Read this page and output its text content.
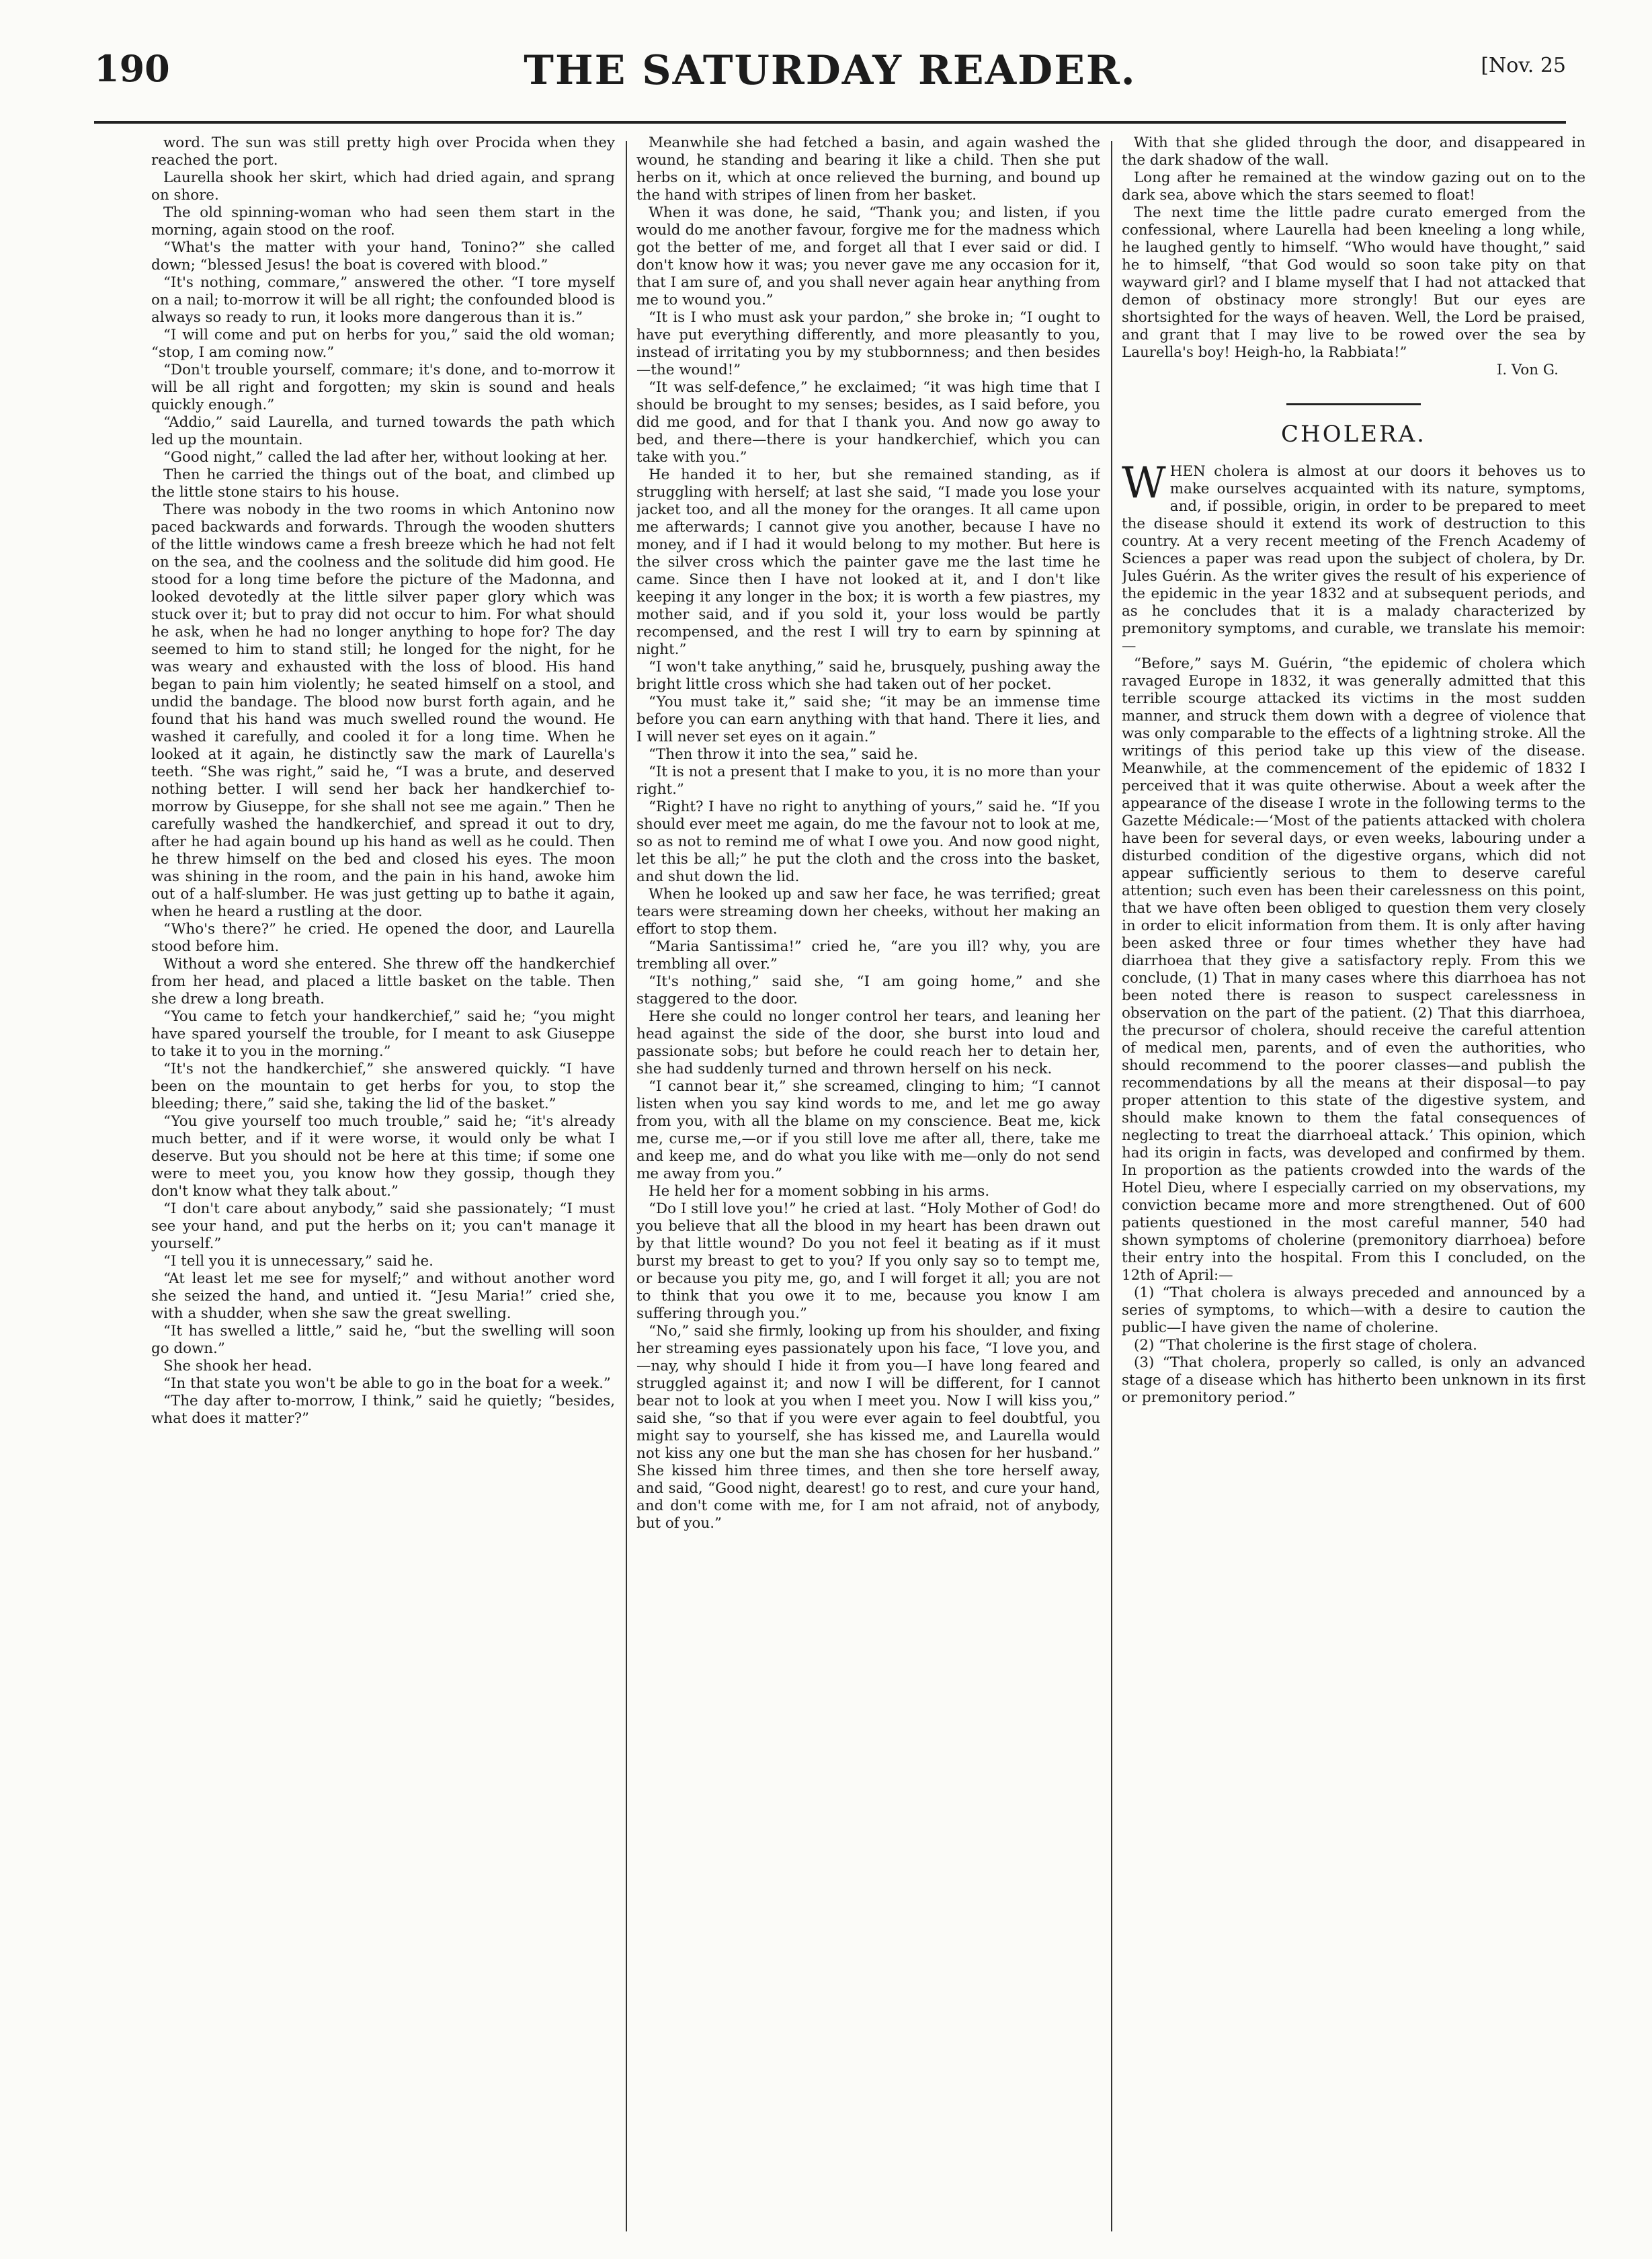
190	THE SATURDAY READER.	[Nov. 25

word. The sun was still pretty high over Procida when they reached the port.

Laurella shook her skirt, which had dried again, and sprang on shore.

The old spinning-woman who had seen them start in the morning, again stood on the roof.

“What's the matter with your hand, Tonino?” she called down; “blessed Jesus! the boat is covered with blood.”

“It's nothing, commare,” answered the other. “I tore myself on a nail; to-morrow it will be all right; the confounded blood is always so ready to run, it looks more dangerous than it is.”

“I will come and put on herbs for you,” said the old woman; “stop, I am coming now.”

“Don't trouble yourself, commare; it's done, and to-morrow it will be all right and forgotten; my skin is sound and heals quickly enough.”

“Addio,” said Laurella, and turned towards the path which led up the mountain.

“Good night,” called the lad after her, without looking at her.

Then he carried the things out of the boat, and climbed up the little stone stairs to his house.

There was nobody in the two rooms in which Antonino now paced backwards and forwards. Through the wooden shutters of the little windows came a fresh breeze which he had not felt on the sea, and the coolness and the solitude did him good. He stood for a long time before the picture of the Madonna, and looked devotedly at the little silver paper glory which was stuck over it; but to pray did not occur to him. For what should he ask, when he had no longer anything to hope for? The day seemed to him to stand still; he longed for the night, for he was weary and exhausted with the loss of blood. His hand began to pain him violently; he seated himself on a stool, and undid the bandage. The blood now burst forth again, and he found that his hand was much swelled round the wound. He washed it carefully, and cooled it for a long time. When he looked at it again, he distinctly saw the mark of Laurella's teeth. “She was right,” said he, “I was a brute, and deserved nothing better. I will send her back her handkerchief to-morrow by Giuseppe, for she shall not see me again.” Then he carefully washed the handkerchief, and spread it out to dry, after he had again bound up his hand as well as he could. Then he threw himself on the bed and closed his eyes. The moon was shining in the room, and the pain in his hand, awoke him out of a half-slumber. He was just getting up to bathe it again, when he heard a rustling at the door.

“Who's there?” he cried. He opened the door, and Laurella stood before him.

Without a word she entered. She threw off the handkerchief from her head, and placed a little basket on the table. Then she drew a long breath.

“You came to fetch your handkerchief,” said he; “you might have spared yourself the trouble, for I meant to ask Giuseppe to take it to you in the morning.”

“It's not the handkerchief,” she answered quickly. “I have been on the mountain to get herbs for you, to stop the bleeding; there,” said she, taking the lid of the basket.”

“You give yourself too much trouble,” said he; “it's already much better, and if it were worse, it would only be what I deserve. But you should not be here at this time; if some one were to meet you, you know how they gossip, though they don't know what they talk about.”

“I don't care about anybody,” said she passionately; “I must see your hand, and put the herbs on it; you can't manage it yourself.”

“I tell you it is unnecessary,” said he.

“At least let me see for myself;” and without another word she seized the hand, and untied it. “Jesu Maria!” cried she, with a shudder, when she saw the great swelling.

“It has swelled a little,” said he, “but the swelling will soon go down.”

She shook her head.

“In that state you won't be able to go in the boat for a week.”

“The day after to-morrow, I think,” said he quietly; “besides, what does it matter?”

Meanwhile she had fetched a basin, and again washed the wound, he standing and bearing it like a child. Then she put herbs on it, which at once relieved the burning, and bound up the hand with stripes of linen from her basket.

When it was done, he said, “Thank you; and listen, if you would do me another favour, forgive me for the madness which got the better of me, and forget all that I ever said or did. I don't know how it was; you never gave me any occasion for it, that I am sure of, and you shall never again hear anything from me to wound you.”

“It is I who must ask your pardon,” she broke in; “I ought to have put everything differently, and more pleasantly to you, instead of irritating you by my stubbornness; and then besides—the wound!”

“It was self-defence,” he exclaimed; “it was high time that I should be brought to my senses; besides, as I said before, you did me good, and for that I thank you. And now go away to bed, and there—there is your handkerchief, which you can take with you.”

He handed it to her, but she remained standing, as if struggling with herself; at last she said, “I made you lose your jacket too, and all the money for the oranges. It all came upon me afterwards; I cannot give you another, because I have no money, and if I had it would belong to my mother. But here is the silver cross which the painter gave me the last time he came. Since then I have not looked at it, and I don't like keeping it any longer in the box; it is worth a few piastres, my mother said, and if you sold it, your loss would be partly recompensed, and the rest I will try to earn by spinning at night.”

“I won't take anything,” said he, brusquely, pushing away the bright little cross which she had taken out of her pocket.

“You must take it,” said she; “it may be an immense time before you can earn anything with that hand. There it lies, and I will never set eyes on it again.”

“Then throw it into the sea,” said he.

“It is not a present that I make to you, it is no more than your right.”

“Right? I have no right to anything of yours,” said he. “If you should ever meet me again, do me the favour not to look at me, so as not to remind me of what I owe you. And now good night, let this be all;” he put the cloth and the cross into the basket, and shut down the lid.

When he looked up and saw her face, he was terrified; great tears were streaming down her cheeks, without her making an effort to stop them.

“Maria Santissima!” cried he, “are you ill? why, you are trembling all over.”

“It's nothing,” said she, “I am going home,” and she staggered to the door.

Here she could no longer control her tears, and leaning her head against the side of the door, she burst into loud and passionate sobs; but before he could reach her to detain her, she had suddenly turned and thrown herself on his neck.

“I cannot bear it,” she screamed, clinging to him; “I cannot listen when you say kind words to me, and let me go away from you, with all the blame on my conscience. Beat me, kick me, curse me,—or if you still love me after all, there, take me and keep me, and do what you like with me—only do not send me away from you.”

He held her for a moment sobbing in his arms.

“Do I still love you!” he cried at last. “Holy Mother of God! do you believe that all the blood in my heart has been drawn out by that little wound? Do you not feel it beating as if it must burst my breast to get to you? If you only say so to tempt me, or because you pity me, go, and I will forget it all; you are not to think that you owe it to me, because you know I am suffering through you.”

“No,” said she firmly, looking up from his shoulder, and fixing her streaming eyes passionately upon his face, “I love you, and—nay, why should I hide it from you—I have long feared and struggled against it; and now I will be different, for I cannot bear not to look at you when I meet you. Now I will kiss you,” said she, “so that if you were ever again to feel doubtful, you might say to yourself, she has kissed me, and Laurella would not kiss any one but the man she has chosen for her husband.” She kissed him three times, and then she tore herself away, and said, “Good night, dearest! go to rest, and cure your hand, and don't come with me, for I am not afraid, not of anybody, but of you.”

With that she glided through the door, and disappeared in the dark shadow of the wall.

Long after he remained at the window gazing out on to the dark sea, above which the stars seemed to float!

The next time the little padre curato emerged from the confessional, where Laurella had been kneeling a long while, he laughed gently to himself. “Who would have thought,” said he to himself, “that God would so soon take pity on that wayward girl? and I blame myself that I had not attacked that demon of obstinacy more strongly! But our eyes are shortsighted for the ways of heaven. Well, the Lord be praised, and grant that I may live to be rowed over the sea by Laurella's boy! Heigh-ho, la Rabbiata!”

I. Von G.

CHOLERA.

WHEN cholera is almost at our doors it behoves us to make ourselves acquainted with its nature, symptoms, and, if possible, origin, in order to be prepared to meet the disease should it extend its work of destruction to this country. At a very recent meeting of the French Academy of Sciences a paper was read upon the subject of cholera, by Dr. Jules Guérin. As the writer gives the result of his experience of the epidemic in the year 1832 and at subsequent periods, and as he concludes that it is a malady characterized by premonitory symptoms, and curable, we translate his memoir:—

“Before,” says M. Guérin, “the epidemic of cholera which ravaged Europe in 1832, it was generally admitted that this terrible scourge attacked its victims in the most sudden manner, and struck them down with a degree of violence that was only comparable to the effects of a lightning stroke. All the writings of this period take up this view of the disease. Meanwhile, at the commencement of the epidemic of 1832 I perceived that it was quite otherwise. About a week after the appearance of the disease I wrote in the following terms to the Gazette Médicale:—‘Most of the patients attacked with cholera have been for several days, or even weeks, labouring under a disturbed condition of the digestive organs, which did not appear sufficiently serious to them to deserve careful attention; such even has been their carelessness on this point, that we have often been obliged to question them very closely in order to elicit information from them. It is only after having been asked three or four times whether they have had diarrhoea that they give a satisfactory reply. From this we conclude, (1) That in many cases where this diarrhoea has not been noted there is reason to suspect carelessness in observation on the part of the patient. (2) That this diarrhoea, the precursor of cholera, should receive the careful attention of medical men, parents, and of even the authorities, who should recommend to the poorer classes—and publish the recommendations by all the means at their disposal—to pay proper attention to this state of the digestive system, and should make known to them the fatal consequences of neglecting to treat the diarrhoeal attack.’ This opinion, which had its origin in facts, was developed and confirmed by them. In proportion as the patients crowded into the wards of the Hotel Dieu, where I especially carried on my observations, my conviction became more and more strengthened. Out of 600 patients questioned in the most careful manner, 540 had shown symptoms of cholerine (premonitory diarrhoea) before their entry into the hospital. From this I concluded, on the 12th of April:—

(1) “That cholera is always preceded and announced by a series of symptoms, to which—with a desire to caution the public—I have given the name of cholerine.

(2) “That cholerine is the first stage of cholera.

(3) “That cholera, properly so called, is only an advanced stage of a disease which has hitherto been unknown in its first or premonitory period.”
